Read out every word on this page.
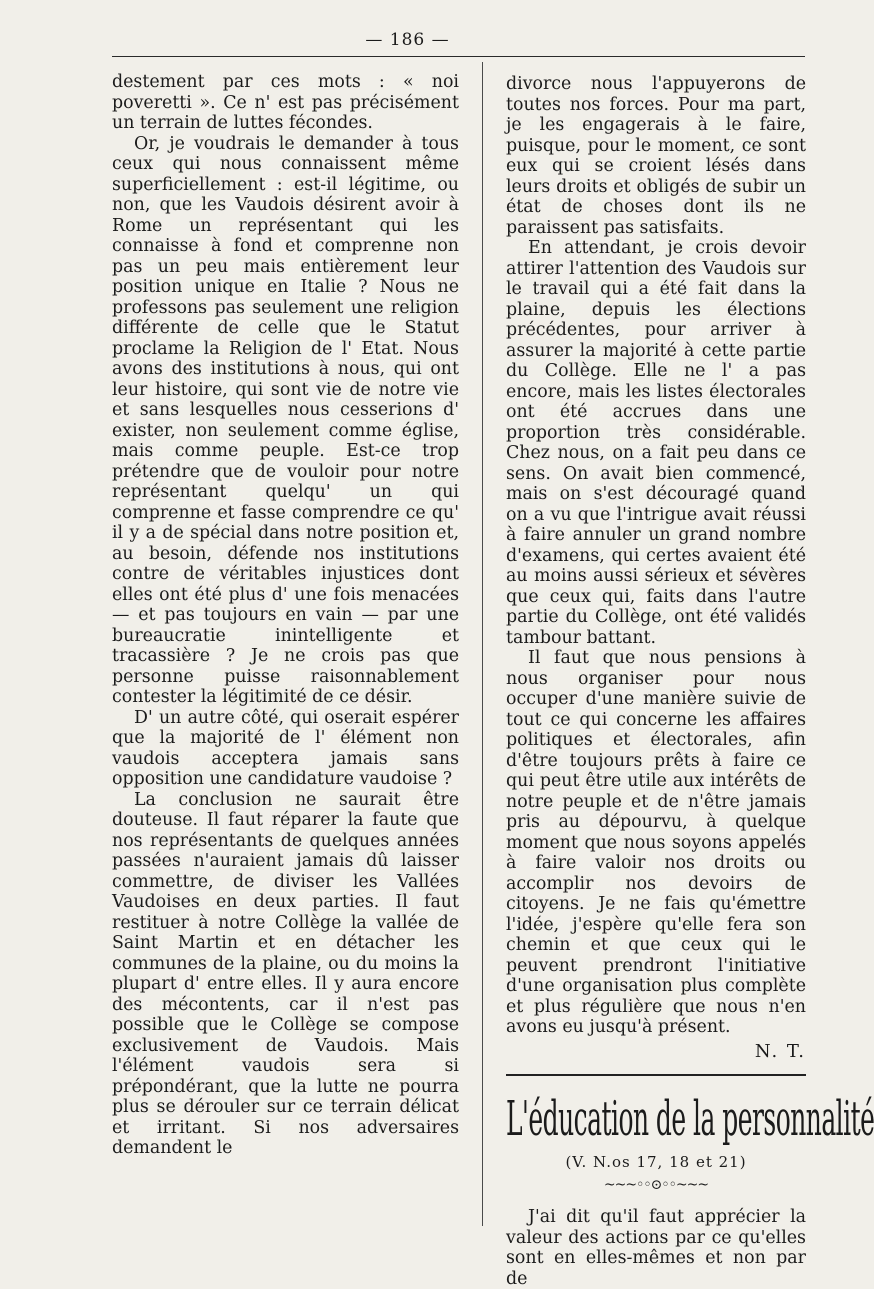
— 186 —

destement par ces mots : « noi poveretti ». Ce n' est pas précisément un terrain de luttes fécondes.

Or, je voudrais le demander à tous ceux qui nous connaissent même superficiellement : est-il légitime, ou non, que les Vaudois désirent avoir à Rome un représentant qui les connaisse à fond et comprenne non pas un peu mais entièrement leur position unique en Italie ? Nous ne professons pas seulement une religion différente de celle que le Statut proclame la Religion de l' Etat. Nous avons des institutions à nous, qui ont leur histoire, qui sont vie de notre vie et sans lesquelles nous cesserions d' exister, non seulement comme église, mais comme peuple. Est-ce trop prétendre que de vouloir pour notre représentant quelqu' un qui comprenne et fasse comprendre ce qu' il y a de spécial dans notre position et, au besoin, défende nos institutions contre de véritables injustices dont elles ont été plus d' une fois menacées — et pas toujours en vain — par une bureaucratie inintelligente et tracassière ? Je ne crois pas que personne puisse raisonnablement contester la légitimité de ce désir.

D' un autre côté, qui oserait espérer que la majorité de l' élément non vaudois acceptera jamais sans opposition une candidature vaudoise ?

La conclusion ne saurait être douteuse. Il faut réparer la faute que nos représentants de quelques années passées n'auraient jamais dû laisser commettre, de diviser les Vallées Vaudoises en deux parties. Il faut restituer à notre Collège la vallée de Saint Martin et en détacher les communes de la plaine, ou du moins la plupart d' entre elles. Il y aura encore des mécontents, car il n'est pas possible que le Collège se compose exclusivement de Vaudois. Mais l'élément vaudois sera si prépondérant, que la lutte ne pourra plus se dérouler sur ce terrain délicat et irritant. Si nos adversaires demandent le

divorce nous l'appuyerons de toutes nos forces. Pour ma part, je les engagerais à le faire, puisque, pour le moment, ce sont eux qui se croient lésés dans leurs droits et obligés de subir un état de choses dont ils ne paraissent pas satisfaits.

En attendant, je crois devoir attirer l'attention des Vaudois sur le travail qui a été fait dans la plaine, depuis les élections précédentes, pour arriver à assurer la majorité à cette partie du Collège. Elle ne l' a pas encore, mais les listes électorales ont été accrues dans une proportion très considérable. Chez nous, on a fait peu dans ce sens. On avait bien commencé, mais on s'est découragé quand on a vu que l'intrigue avait réussi à faire annuler un grand nombre d'examens, qui certes avaient été au moins aussi sérieux et sévères que ceux qui, faits dans l'autre partie du Collège, ont été validés tambour battant.

Il faut que nous pensions à nous organiser pour nous occuper d'une manière suivie de tout ce qui concerne les affaires politiques et électorales, afin d'être toujours prêts à faire ce qui peut être utile aux intérêts de notre peuple et de n'être jamais pris au dépourvu, à quelque moment que nous soyons appelés à faire valoir nos droits ou accomplir nos devoirs de citoyens. Je ne fais qu'émettre l'idée, j'espère qu'elle fera son chemin et que ceux qui le peuvent prendront l'initiative d'une organisation plus complète et plus régulière que nous n'en avons eu jusqu'à présent.

N. T.
L'éducation de la personnalité
(V. N.os 17, 18 et 21)
~~~◦◦⊙◦◦~~~

J'ai dit qu'il faut apprécier la valeur des actions par ce qu'elles sont en elles-mêmes et non par de
